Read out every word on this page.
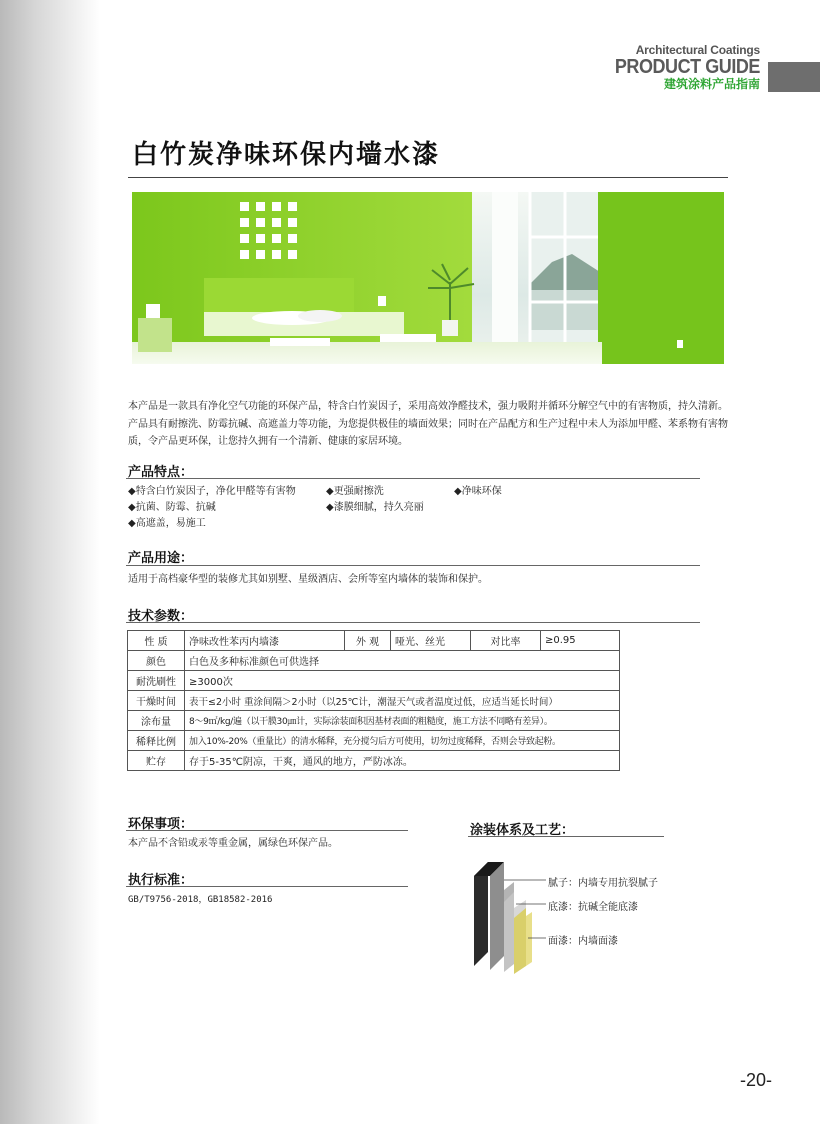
Architectural Coatings
PRODUCT GUIDE
建筑涂料产品指南
白竹炭净味环保内墙水漆
本产品是一款具有净化空气功能的环保产品，特含白竹炭因子，采用高效净醛技术，强力吸附并循环分解空气中的有害物质，持久清新。产品具有耐擦洗、防霉抗碱、高遮盖力等功能，为您提供极佳的墙面效果；同时在产品配方和生产过程中未人为添加甲醛、苯系物有害物质，令产品更环保，让您持久拥有一个清新、健康的家居环境。
产品特点：
◆特含白竹炭因子，净化甲醛等有害物	◆更强耐擦洗	◆净味环保
◆抗菌、防霉、抗碱	◆漆膜细腻，持久亮丽
◆高遮盖，易施工
产品用途：
适用于高档豪华型的装修尤其如别墅、星级酒店、会所等室内墙体的装饰和保护。
技术参数：
性 质	净味改性苯丙内墙漆	外 观	哑光、丝光	对比率	≥0.95
颜色	白色及多种标准颜色可供选择				
耐洗刷性	≥3000次				
干燥时间	表干≤2小时 重涂间隔＞2小时（以25℃计，潮湿天气或者温度过低，应适当延长时间）				
涂布量	8～9㎡/kg/遍（以干膜30㎛计，实际涂装面积因基材表面的粗糙度，施工方法不同略有差异）。				
稀释比例	加入10%-20%（重量比）的清水稀释，充分搅匀后方可使用，切勿过度稀释，否则会导致起粉。				
贮存	存于5-35℃阴凉，干爽，通风的地方，严防冰冻。				
环保事项：
本产品不含铅或汞等重金属，属绿色环保产品。
执行标准：
GB/T9756-2018，GB18582-2016
涂装体系及工艺：
腻子：内墙专用抗裂腻子
底漆：抗碱全能底漆
面漆：内墙面漆
-20-
